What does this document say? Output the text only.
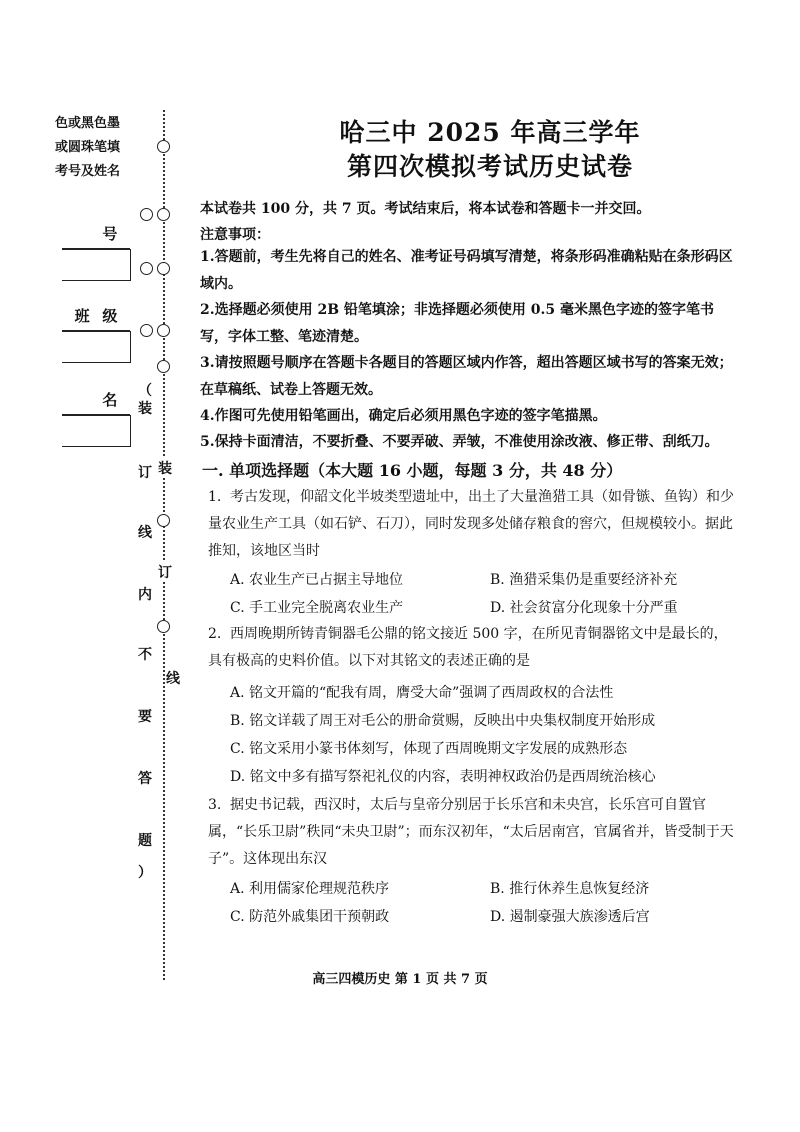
色或黑色墨
或圆珠笔填
考号及姓名
号
班 级
名 （
装
订
线
内
不
要
答
题
）
装
订
线
哈三中 2025 年高三学年
第四次模拟考试历史试卷
本试卷共 100 分，共 7 页。考试结束后，将本试卷和答题卡一并交回。
注意事项：
1.答题前，考生先将自己的姓名、准考证号码填写清楚，将条形码准确粘贴在条形码区域内。
2.选择题必须使用 2B 铅笔填涂；非选择题必须使用 0.5 毫米黑色字迹的签字笔书写，字体工整、笔迹清楚。
3.请按照题号顺序在答题卡各题目的答题区域内作答，超出答题区域书写的答案无效；在草稿纸、试卷上答题无效。
4.作图可先使用铅笔画出，确定后必须用黑色字迹的签字笔描黑。
5.保持卡面清洁，不要折叠、不要弄破、弄皱，不准使用涂改液、修正带、刮纸刀。
一. 单项选择题（本大题 16 小题，每题 3 分，共 48 分）
1. 考古发现，仰韶文化半坡类型遗址中，出土了大量渔猎工具（如骨镞、鱼钩）和少量农业生产工具（如石铲、石刀），同时发现多处储存粮食的窖穴，但规模较小。据此推知，该地区当时
A. 农业生产已占据主导地位	B. 渔猎采集仍是重要经济补充
C. 手工业完全脱离农业生产	D. 社会贫富分化现象十分严重
2. 西周晚期所铸青铜器毛公鼎的铭文接近 500 字，在所见青铜器铭文中是最长的，具有极高的史料价值。以下对其铭文的表述正确的是
A. 铭文开篇的“配我有周，膺受大命”强调了西周政权的合法性
B. 铭文详载了周王对毛公的册命赏赐，反映出中央集权制度开始形成
C. 铭文采用小篆书体刻写，体现了西周晚期文字发展的成熟形态
D. 铭文中多有描写祭祀礼仪的内容，表明神权政治仍是西周统治核心
3. 据史书记载，西汉时，太后与皇帝分别居于长乐宫和未央宫，长乐宫可自置官属，“长乐卫尉”秩同“未央卫尉”；而东汉初年，“太后居南宫，官属省并，皆受制于天子”。这体现出东汉
A. 利用儒家伦理规范秩序	B. 推行休养生息恢复经济
C. 防范外戚集团干预朝政	D. 遏制豪强大族渗透后宫
高三四模历史 第 1 页 共 7 页
